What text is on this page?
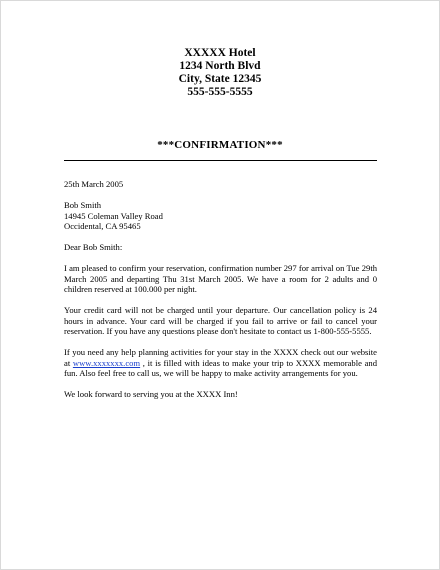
XXXXX Hotel
1234 North Blvd
City, State 12345
555-555-5555
***CONFIRMATION***

25th March 2005

Bob Smith

14945 Coleman Valley Road

Occidental, CA 95465

Dear Bob Smith:

I am pleased to confirm your reservation, confirmation number 297 for arrival on Tue 29th March 2005 and departing Thu 31st March 2005. We have a room for 2 adults and 0 children reserved at 100.000 per night.

Your credit card will not be charged until your departure. Our cancellation policy is 24 hours in advance. Your card will be charged if you fail to arrive or fail to cancel your reservation. If you have any questions please don't hesitate to contact us 1-800-555-5555.

If you need any help planning activities for your stay in the XXXX check out our website at www.xxxxxxx.com , it is filled with ideas to make your trip to XXXX memorable and fun. Also feel free to call us, we will be happy to make activity arrangements for you.

We look forward to serving you at the XXXX Inn!
